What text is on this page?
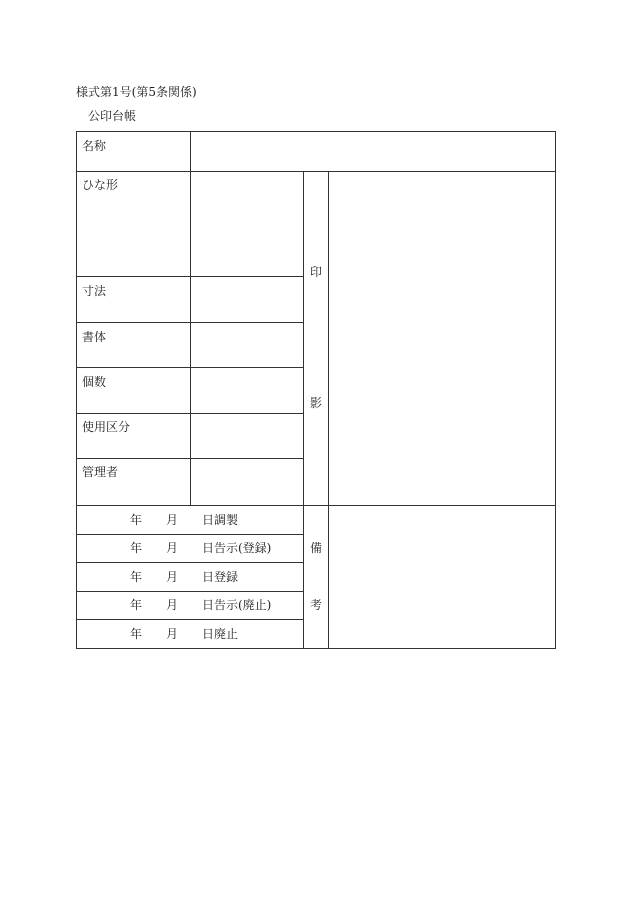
様式第1号(第5条関係)
公印台帳
名称
ひな形
寸法
書体
個数
使用区分
管理者
印
影
年 月 日調製
年 月 日告示(登録)
年 月 日登録
年 月 日告示(廃止)
年 月 日廃止
備
考
